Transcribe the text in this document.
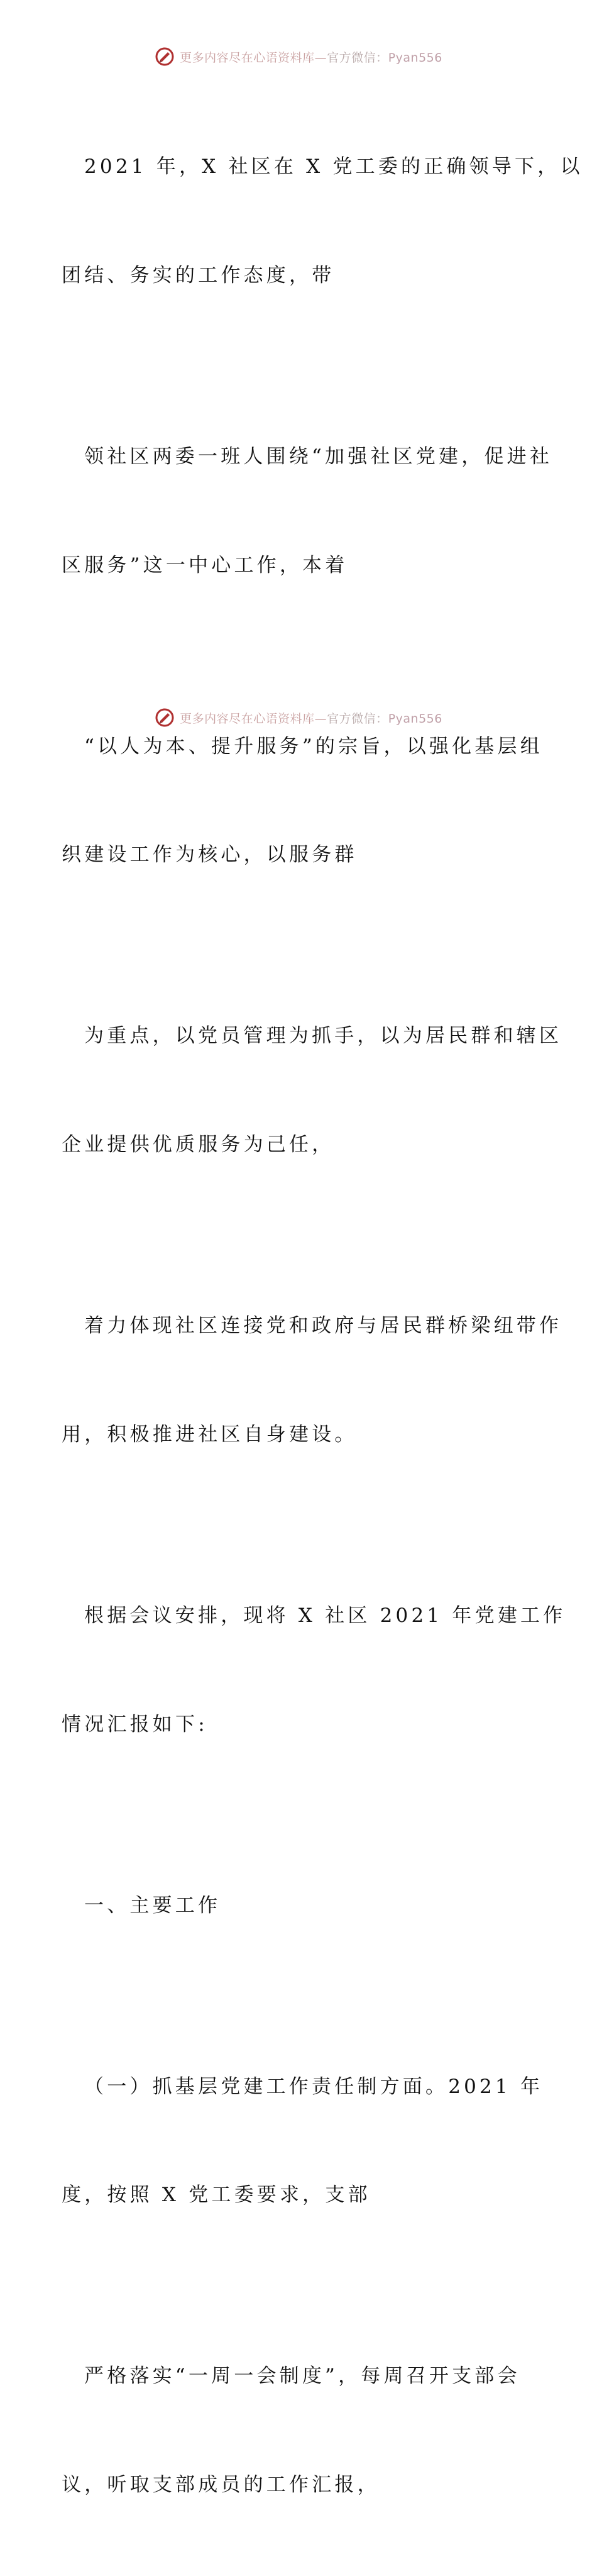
更多内容尽在心语资料库—官方微信：Pyan556

2021 年，X 社区在 X 党工委的正确领导下，以

团结、务实的工作态度，带

领社区两委一班人围绕“加强社区党建，促进社

区服务”这一中心工作，本着

“以人为本、提升服务”的宗旨，以强化基层组

织建设工作为核心，以服务群

为重点，以党员管理为抓手，以为居民群和辖区

企业提供优质服务为己任，

着力体现社区连接党和政府与居民群桥梁纽带作

用，积极推进社区自身建设。

根据会议安排，现将 X 社区 2021 年党建工作

情况汇报如下:

一、主要工作

（一）抓基层党建工作责任制方面。2021 年

度，按照 X 党工委要求，支部

严格落实“一周一会制度”，每周召开支部会

议，听取支部成员的工作汇报，

更多内容尽在心语资料库—官方微信：Pyan556
